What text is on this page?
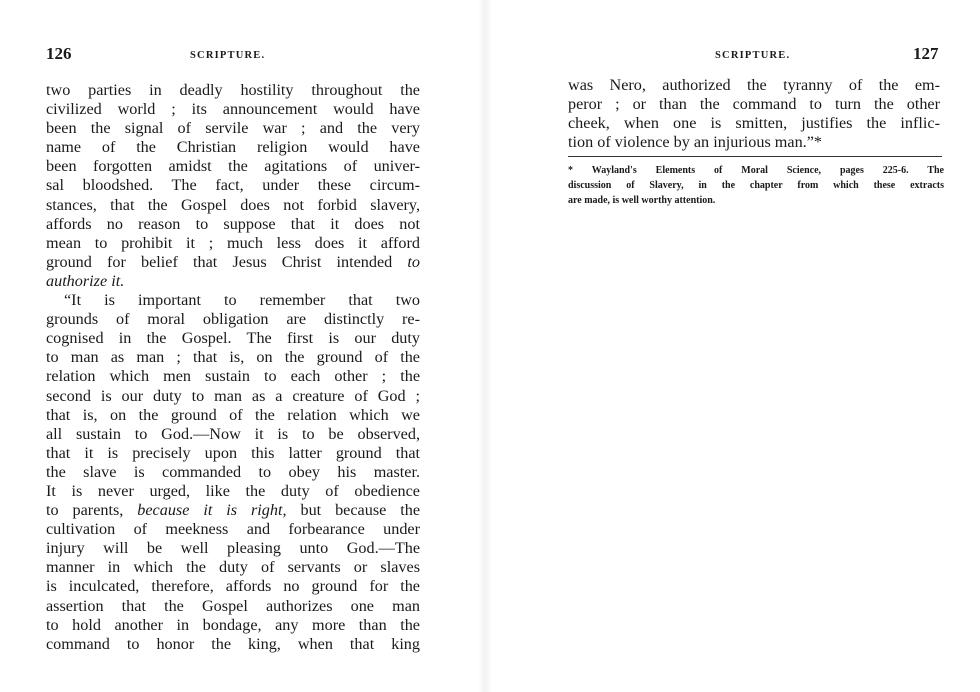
126	SCRIPTURE.
two parties in deadly hostility throughout the
civilized world ; its announcement would have
been the signal of servile war ; and the very
name of the Christian religion would have
been forgotten amidst the agitations of univer-
sal bloodshed. The fact, under these circum-
stances, that the Gospel does not forbid slavery,
affords no reason to suppose that it does not
mean to prohibit it ; much less does it afford
ground for belief that Jesus Christ intended to
authorize it.
“It is important to remember that two
grounds of moral obligation are distinctly re-
cognised in the Gospel. The first is our duty
to man as man ; that is, on the ground of the
relation which men sustain to each other ; the
second is our duty to man as a creature of God ;
that is, on the ground of the relation which we
all sustain to God.—Now it is to be observed,
that it is precisely upon this latter ground that
the slave is commanded to obey his master.
It is never urged, like the duty of obedience
to parents, because it is right, but because the
cultivation of meekness and forbearance under
injury will be well pleasing unto God.—The
manner in which the duty of servants or slaves
is inculcated, therefore, affords no ground for the
assertion that the Gospel authorizes one man
to hold another in bondage, any more than the
command to honor the king, when that king
SCRIPTURE.	127
was Nero, authorized the tyranny of the em-
peror ; or than the command to turn the other
cheek, when one is smitten, justifies the inflic-
tion of violence by an injurious man.”*
* Wayland's Elements of Moral Science, pages 225-6. The
discussion of Slavery, in the chapter from which these extracts
are made, is well worthy attention.
